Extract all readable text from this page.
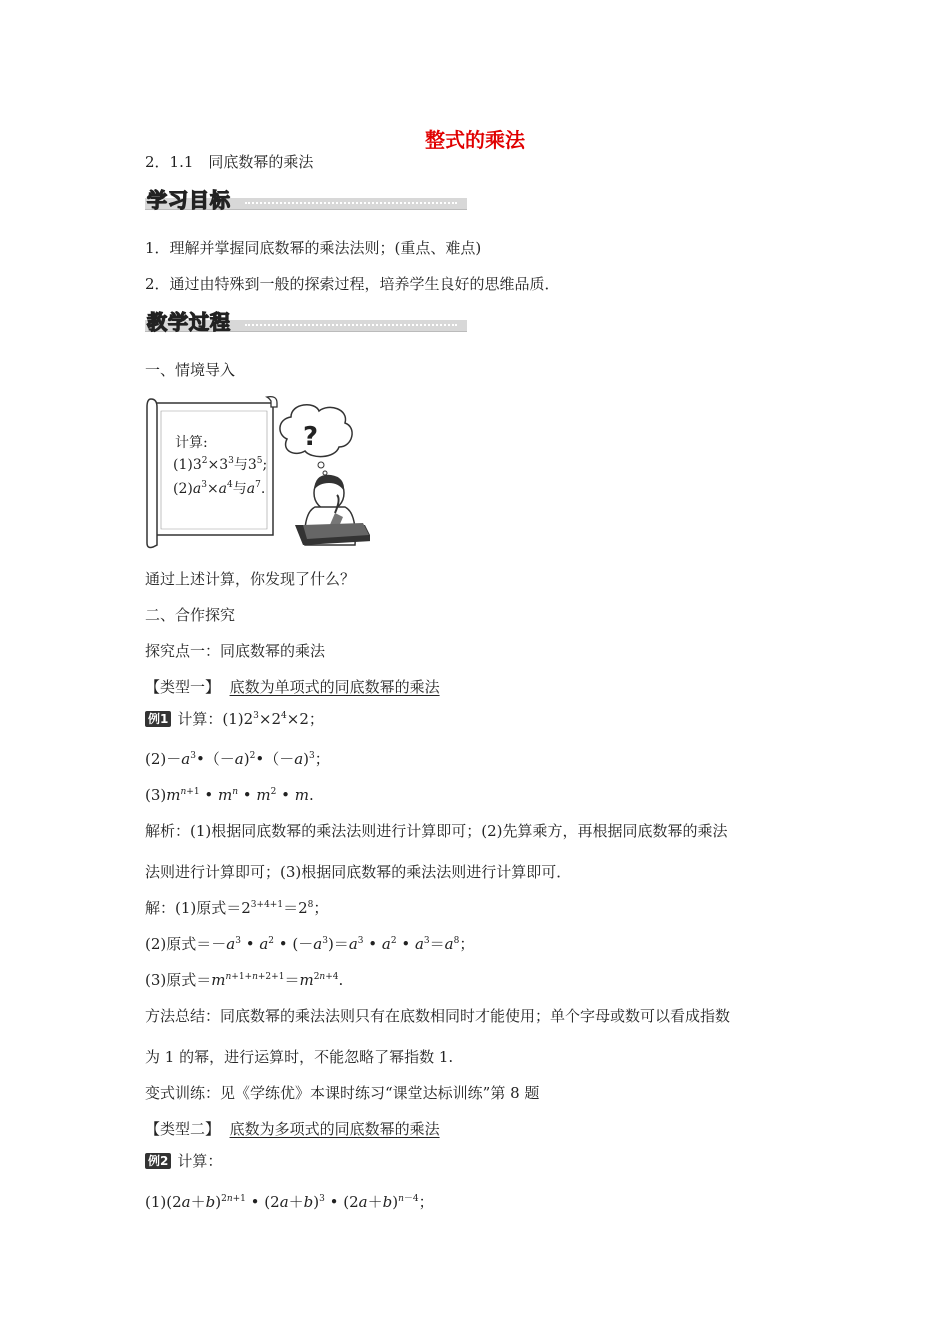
整式的乘法
2．1.1　同底数幂的乘法
学习目标
1．理解并掌握同底数幂的乘法法则；(重点、难点)
2．通过由特殊到一般的探索过程，培养学生良好的思维品质．
教学过程
一、情境导入
?
计算:
$(1)3^2\times 3^3$与$3^5$;
$(2)a^3\times a^4$与$a^7$.
通过上述计算，你发现了什么？
二、合作探究
探究点一：同底数幂的乘法
【类型一】 底数为单项式的同底数幂的乘法
例1 计算：$(1)2^3\times 2^4\times 2$；
$(2)-a^3•(-a)^2•(-a)^3$；
$(3)m^{n+1}$ • $m^n$ • $m^2$ • m.
解析：(1)根据同底数幂的乘法法则进行计算即可；(2)先算乘方，再根据同底数幂的乘法
法则进行计算即可；(3)根据同底数幂的乘法法则进行计算即可．
解：(1)原式$=2^{3+4+1}=2^8$；
(2)原式$=-a^3$ • $a^2$ • $(-a^3)=a^3$ • $a^2$ • $a^3=a^8$；
(3)原式$=m^{n+1+n+2+1}=m^{2n+4}$.
方法总结：同底数幂的乘法法则只有在底数相同时才能使用；单个字母或数可以看成指数
为 1 的幂，进行运算时，不能忽略了幂指数 1.
变式训练：见《学练优》本课时练习“课堂达标训练”第 8 题
【类型二】 底数为多项式的同底数幂的乘法
例2 计算：
$(1)(2a+b)^{2n+1}$ • $(2a+b)^3$ • $(2a+b)^{n-4}$；
